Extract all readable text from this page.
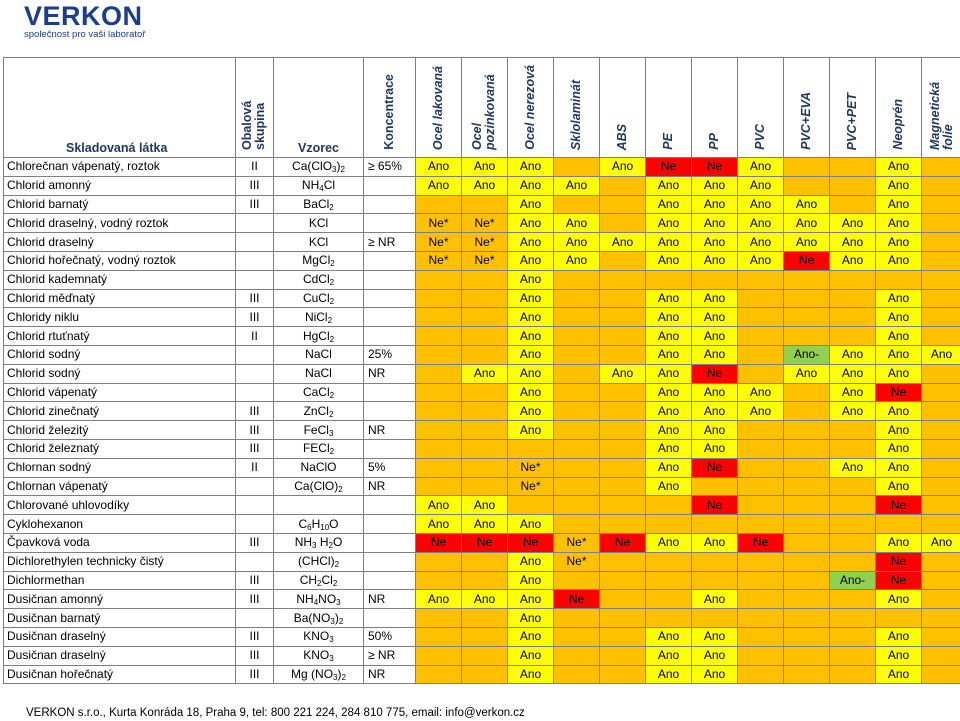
VERKON
společnost pro vaši laboratoř
Skladovaná látka	Obalová skupina	Vzorec	Koncentrace	Ocel lakovaná	Ocel pozinkovaná	Ocel nerezová	Sklolaminát	ABS	PE	PP	PVC	PVC+EVA	PVC+PET	Neoprén	Magnetická folie
Chlorečnan vápenatý, roztok	II	$Ca(ClO_3)_2$	≥ 65%	Ano	Ano	Ano		Ano	Ne	Ne	Ano			Ano	
Chlorid amonný	III	$NH_4Cl$		Ano	Ano	Ano	Ano		Ano	Ano	Ano			Ano	
Chlorid barnatý	III	BaCl$_2$				Ano			Ano	Ano	Ano	Ano		Ano	
Chlorid draselný, vodný roztok		KCl		Ne*	Ne*	Ano	Ano		Ano	Ano	Ano	Ano	Ano	Ano	
Chlorid draselný		KCl	≥ NR	Ne*	Ne*	Ano	Ano	Ano	Ano	Ano	Ano	Ano	Ano	Ano	
Chlorid hořečnatý, vodný roztok		MgCl$_2$		Ne*	Ne*	Ano	Ano		Ano	Ano	Ano	Ne	Ano	Ano	
Chlorid kademnatý		CdCl$_2$				Ano									
Chlorid měďnatý	III	CuCl$_2$				Ano			Ano	Ano				Ano	
Chloridy niklu	III	NiCl$_2$				Ano			Ano	Ano				Ano	
Chlorid rtuťnatý	II	HgCl$_2$				Ano			Ano	Ano				Ano	
Chlorid sodný		NaCl	25%			Ano			Ano	Ano		Ano-	Ano	Ano	Ano
Chlorid sodný		NaCl	NR		Ano	Ano		Ano	Ano	Ne		Ano	Ano	Ano	
Chlorid vápenatý		CaCl$_2$				Ano			Ano	Ano	Ano		Ano	Ne	
Chlorid zinečnatý	III	ZnCl$_2$				Ano			Ano	Ano	Ano		Ano	Ano	
Chlorid železitý	III	FeCl$_3$	NR			Ano			Ano	Ano				Ano	
Chlorid železnatý	III	FECl$_2$							Ano	Ano				Ano	
Chlornan sodný	II	NaClO	5%			Ne*			Ano	Ne			Ano	Ano	
Chlornan vápenatý		$Ca(ClO)_2$	NR			Ne*			Ano					Ano	
Chlorované uhlovodíky				Ano	Ano					Ne				Ne	
Cyklohexanon		$C_6H_{10}O$		Ano	Ano	Ano									
Čpavková voda	III	$NH_3$ $H_2O$		Ne	Ne	Ne	Ne*	Ne	Ano	Ano	Ne			Ano	Ano
Dichlorethylen technicky čistý		$(CHCl)_2$				Ano	Ne*							Ne	
Dichlormethan	III	$CH_2Cl_2$				Ano							Ano-	Ne	
Dusičnan amonný	III	$NH_4NO_3$	NR	Ano	Ano	Ano	Ne			Ano				Ano	
Dusičnan barnatý		$Ba(NO_3)_2$				Ano									
Dusičnan draselný	III	$KNO_3$	50%			Ano			Ano	Ano				Ano	
Dusičnan draselný	III	$KNO_3$	≥ NR			Ano			Ano	Ano				Ano	
Dusičnan hořečnatý	III	Mg $(NO_3)_2$	NR			Ano			Ano	Ano				Ano	
VERKON s.r.o., Kurta Konráda 18, Praha 9, tel: 800 221 224, 284 810 775, email: info@verkon.cz
